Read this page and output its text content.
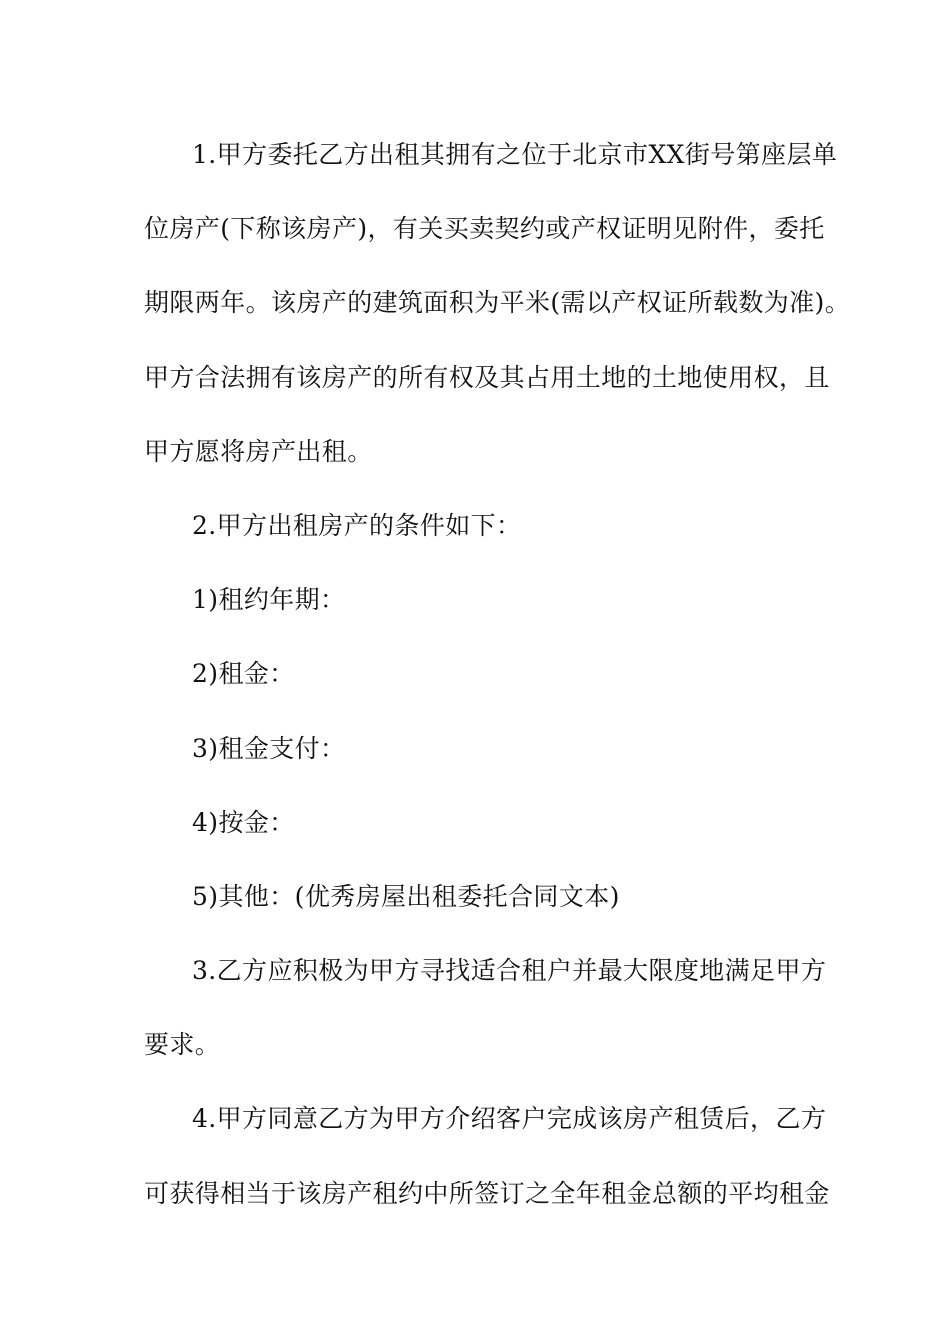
1.甲方委托乙方出租其拥有之位于北京市XX街号第座层单
位房产(下称该房产)，有关买卖契约或产权证明见附件，委托
期限两年。该房产的建筑面积为平米(需以产权证所载数为准)。
甲方合法拥有该房产的所有权及其占用土地的土地使用权，且
甲方愿将房产出租。
2.甲方出租房产的条件如下：
1)租约年期：
2)租金：
3)租金支付：
4)按金：
5)其他：(优秀房屋出租委托合同文本)
3.乙方应积极为甲方寻找适合租户并最大限度地满足甲方
要求。
4.甲方同意乙方为甲方介绍客户完成该房产租赁后，乙方
可获得相当于该房产租约中所签订之全年租金总额的平均租金
